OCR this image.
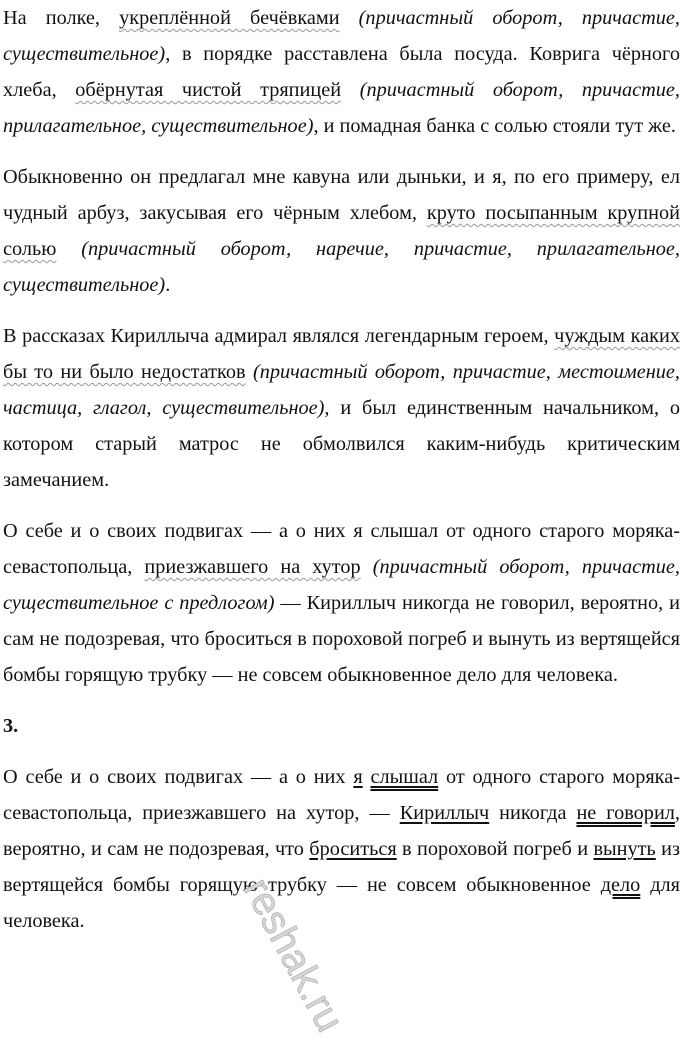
На полке, укреплённой бечёвками (причастный оборот, причастие, существительное), в порядке расставлена была посуда. Коврига чёрного хлеба, обёрнутая чистой тряпицей (причастный оборот, причастие, прилагательное, существительное), и помадная банка с солью стояли тут же.

Обыкновенно он предлагал мне кавуна или дыньки, и я, по его примеру, ел чудный арбуз, закусывая его чёрным хлебом, круто посыпанным крупной солью (причастный оборот, наречие, причастие, прилагательное, существительное).

В рассказах Кириллыча адмирал являлся легендарным героем, чуждым каких бы то ни было недостатков (причастный оборот, причастие, местоимение, частица, глагол, существительное), и был единственным начальником, о котором старый матрос не обмолвился каким-нибудь критическим замечанием.

О себе и о своих подвигах — а о них я слышал от одного старого моряка-севастопольца, приезжавшего на хутор (причастный оборот, причастие, существительное с предлогом) — Кириллыч никогда не говорил, вероятно, и сам не подозревая, что броситься в пороховой погреб и вынуть из вертящейся бомбы горящую трубку — не совсем обыкновенное дело для человека.

3.

О себе и о своих подвигах — а о них я слышал от одного старого моряка-севастопольца, приезжавшего на хутор, — Кириллыч никогда не говорил, вероятно, и сам не подозревая, что броситься в пороховой погреб и вынуть из вертящейся бомбы горящую трубку — не совсем обыкновенное дело для человека.	reshak.ru
